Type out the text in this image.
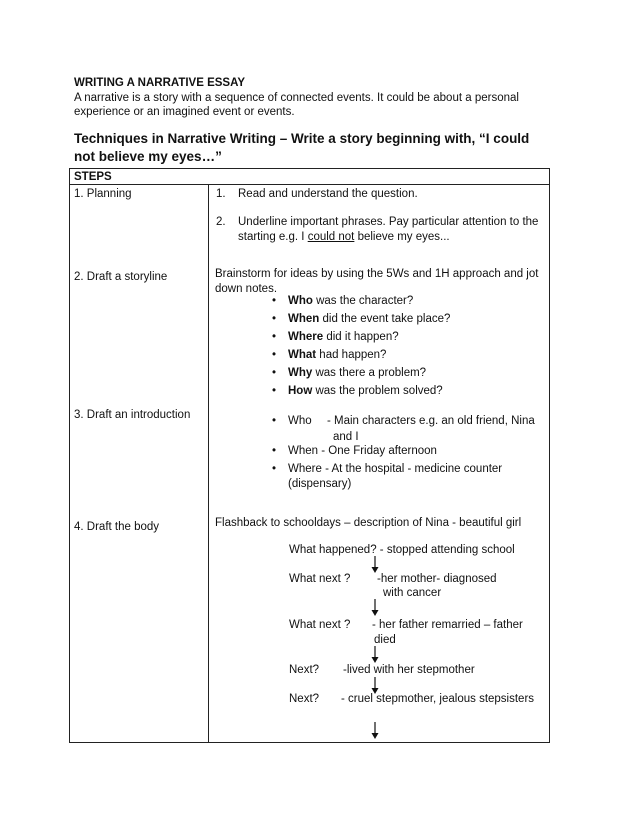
WRITING A NARRATIVE ESSAY
A narrative is a story with a sequence of connected events. It could be about a personal experience or an imagined event or events.
Techniques in Narrative Writing – Write a story beginning with, “I could not believe my eyes…”
STEPS
1. Planning
2. Draft a storyline
3. Draft an introduction
4. Draft the body
1. Read and understand the question.
2. Underline important phrases. Pay particular attention to the starting e.g. I could not believe my eyes...
Brainstorm for ideas by using the 5Ws and 1H approach and jot down notes.
• Who was the character?
• When did the event take place?
• Where did it happen?
• What had happen?
• Why was there a problem?
• How was the problem solved?
• Who - Main characters e.g. an old friend, Nina
and I
• When - One Friday afternoon
• Where - At the hospital - medicine counter
(dispensary)
Flashback to schooldays – description of Nina - beautiful girl
What happened? - stopped attending school
What next ? -her mother- diagnosed
with cancer
What next ? - her father remarried – father
died
Next? -lived with her stepmother
Next? - cruel stepmother, jealous stepsisters
